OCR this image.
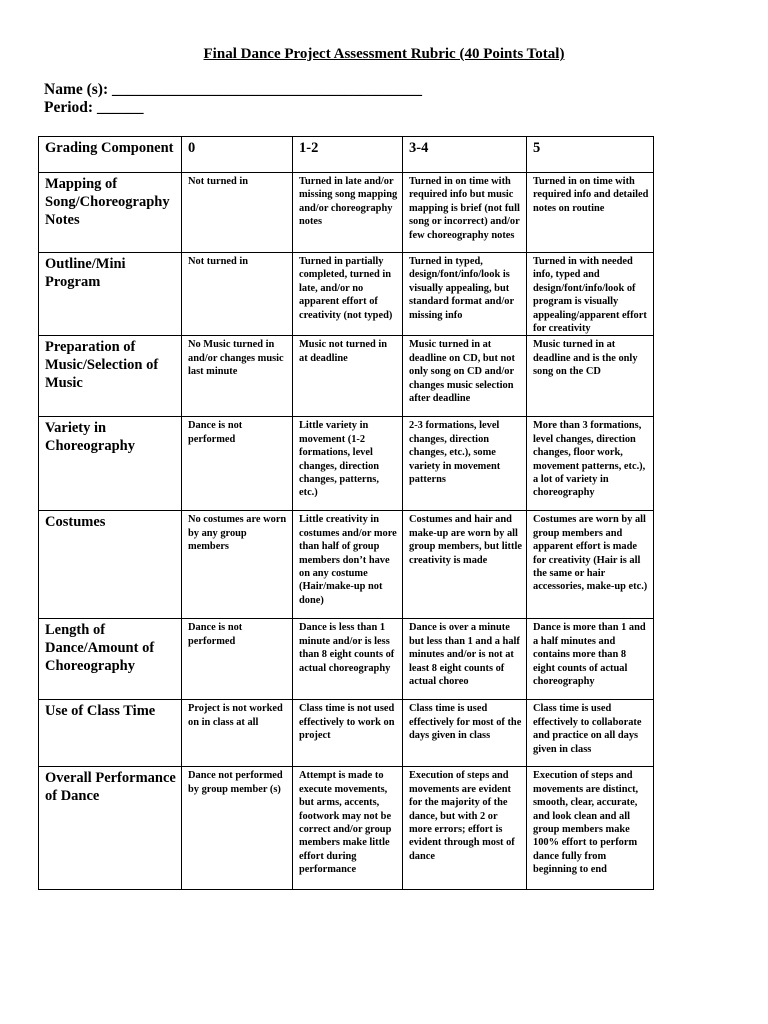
Final Dance Project Assessment Rubric (40 Points Total)
Name (s): ________________________________________
Period: ______
Grading Component	0	1-2	3-4	5
Mapping of Song/Choreography Notes	Not turned in	Turned in late and/or missing song mapping and/or choreography notes	Turned in on time with required info but music mapping is brief (not full song or incorrect) and/or few choreography notes	Turned in on time with required info and detailed notes on routine
Outline/Mini Program	Not turned in	Turned in partially completed, turned in late, and/or no apparent effort of creativity (not typed)	Turned in typed, design/font/info/look is visually appealing, but standard format and/or missing info	Turned in with needed info, typed and design/font/info/look of program is visually appealing/apparent effort for creativity
Preparation of Music/Selection of Music	No Music turned in and/or changes music last minute	Music not turned in at deadline	Music turned in at deadline on CD, but not only song on CD and/or changes music selection after deadline	Music turned in at deadline and is the only song on the CD
Variety in Choreography	Dance is not performed	Little variety in movement (1-2 formations, level changes, direction changes, patterns, etc.)	2-3 formations, level changes, direction changes, etc.), some variety in movement patterns	More than 3 formations, level changes, direction changes, floor work, movement patterns, etc.), a lot of variety in choreography
Costumes	No costumes are worn by any group members	Little creativity in costumes and/or more than half of group members don’t have on any costume (Hair/make-up not done)	Costumes and hair and make-up are worn by all group members, but little creativity is made	Costumes are worn by all group members and apparent effort is made for creativity (Hair is all the same or hair accessories, make-up etc.)
Length of Dance/Amount of Choreography	Dance is not performed	Dance is less than 1 minute and/or is less than 8 eight counts of actual choreography	Dance is over a minute but less than 1 and a half minutes and/or is not at least 8 eight counts of actual choreo	Dance is more than 1 and a half minutes and contains more than 8 eight counts of actual choreography
Use of Class Time	Project is not worked on in class at all	Class time is not used effectively to work on project	Class time is used effectively for most of the days given in class	Class time is used effectively to collaborate and practice on all days given in class
Overall Performance of Dance	Dance not performed by group member (s)	Attempt is made to execute movements, but arms, accents, footwork may not be correct and/or group members make little effort during performance	Execution of steps and movements are evident for the majority of the dance, but with 2 or more errors; effort is evident through most of dance	Execution of steps and movements are distinct, smooth, clear, accurate, and look clean and all group members make 100% effort to perform dance fully from beginning to end
